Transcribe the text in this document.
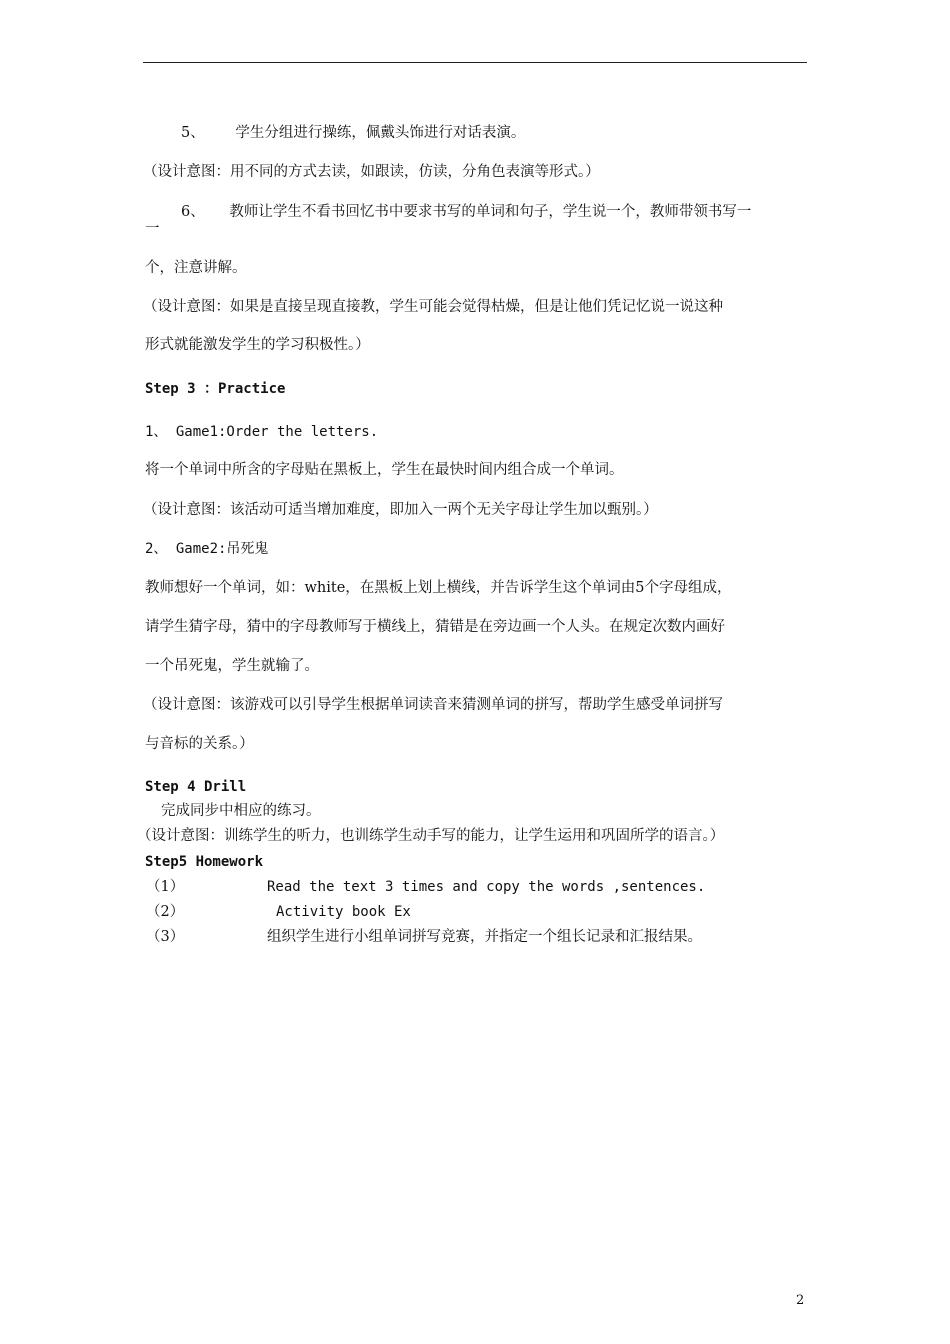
5、 学生分组进行操练，佩戴头饰进行对话表演。
（设计意图：用不同的方式去读，如跟读，仿读，分角色表演等形式。）
6、 教师让学生不看书回忆书中要求书写的单词和句子，学生说一个，教师带领书写一
一
个，注意讲解。
（设计意图：如果是直接呈现直接教，学生可能会觉得枯燥，但是让他们凭记忆说一说这种
形式就能激发学生的学习积极性。）
Step 3 ：Practice
1、 Game1:Order the letters.
将一个单词中所含的字母贴在黑板上，学生在最快时间内组合成一个单词。
（设计意图：该活动可适当增加难度，即加入一两个无关字母让学生加以甄别。）
2、 Game2:吊死鬼
教师想好一个单词，如：white，在黑板上划上横线，并告诉学生这个单词由5个字母组成，
请学生猜字母，猜中的字母教师写于横线上，猜错是在旁边画一个人头。在规定次数内画好
一个吊死鬼，学生就输了。
（设计意图：该游戏可以引导学生根据单词读音来猜测单词的拼写，帮助学生感受单词拼写
与音标的关系。）
Step 4 Drill
完成同步中相应的练习。
（设计意图：训练学生的听力，也训练学生动手写的能力，让学生运用和巩固所学的语言。）
Step5 Homework
（1）	Read the text 3 times and copy the words ,sentences.
（2）	Activity book Ex
（3）	组织学生进行小组单词拼写竞赛，并指定一个组长记录和汇报结果。
2
